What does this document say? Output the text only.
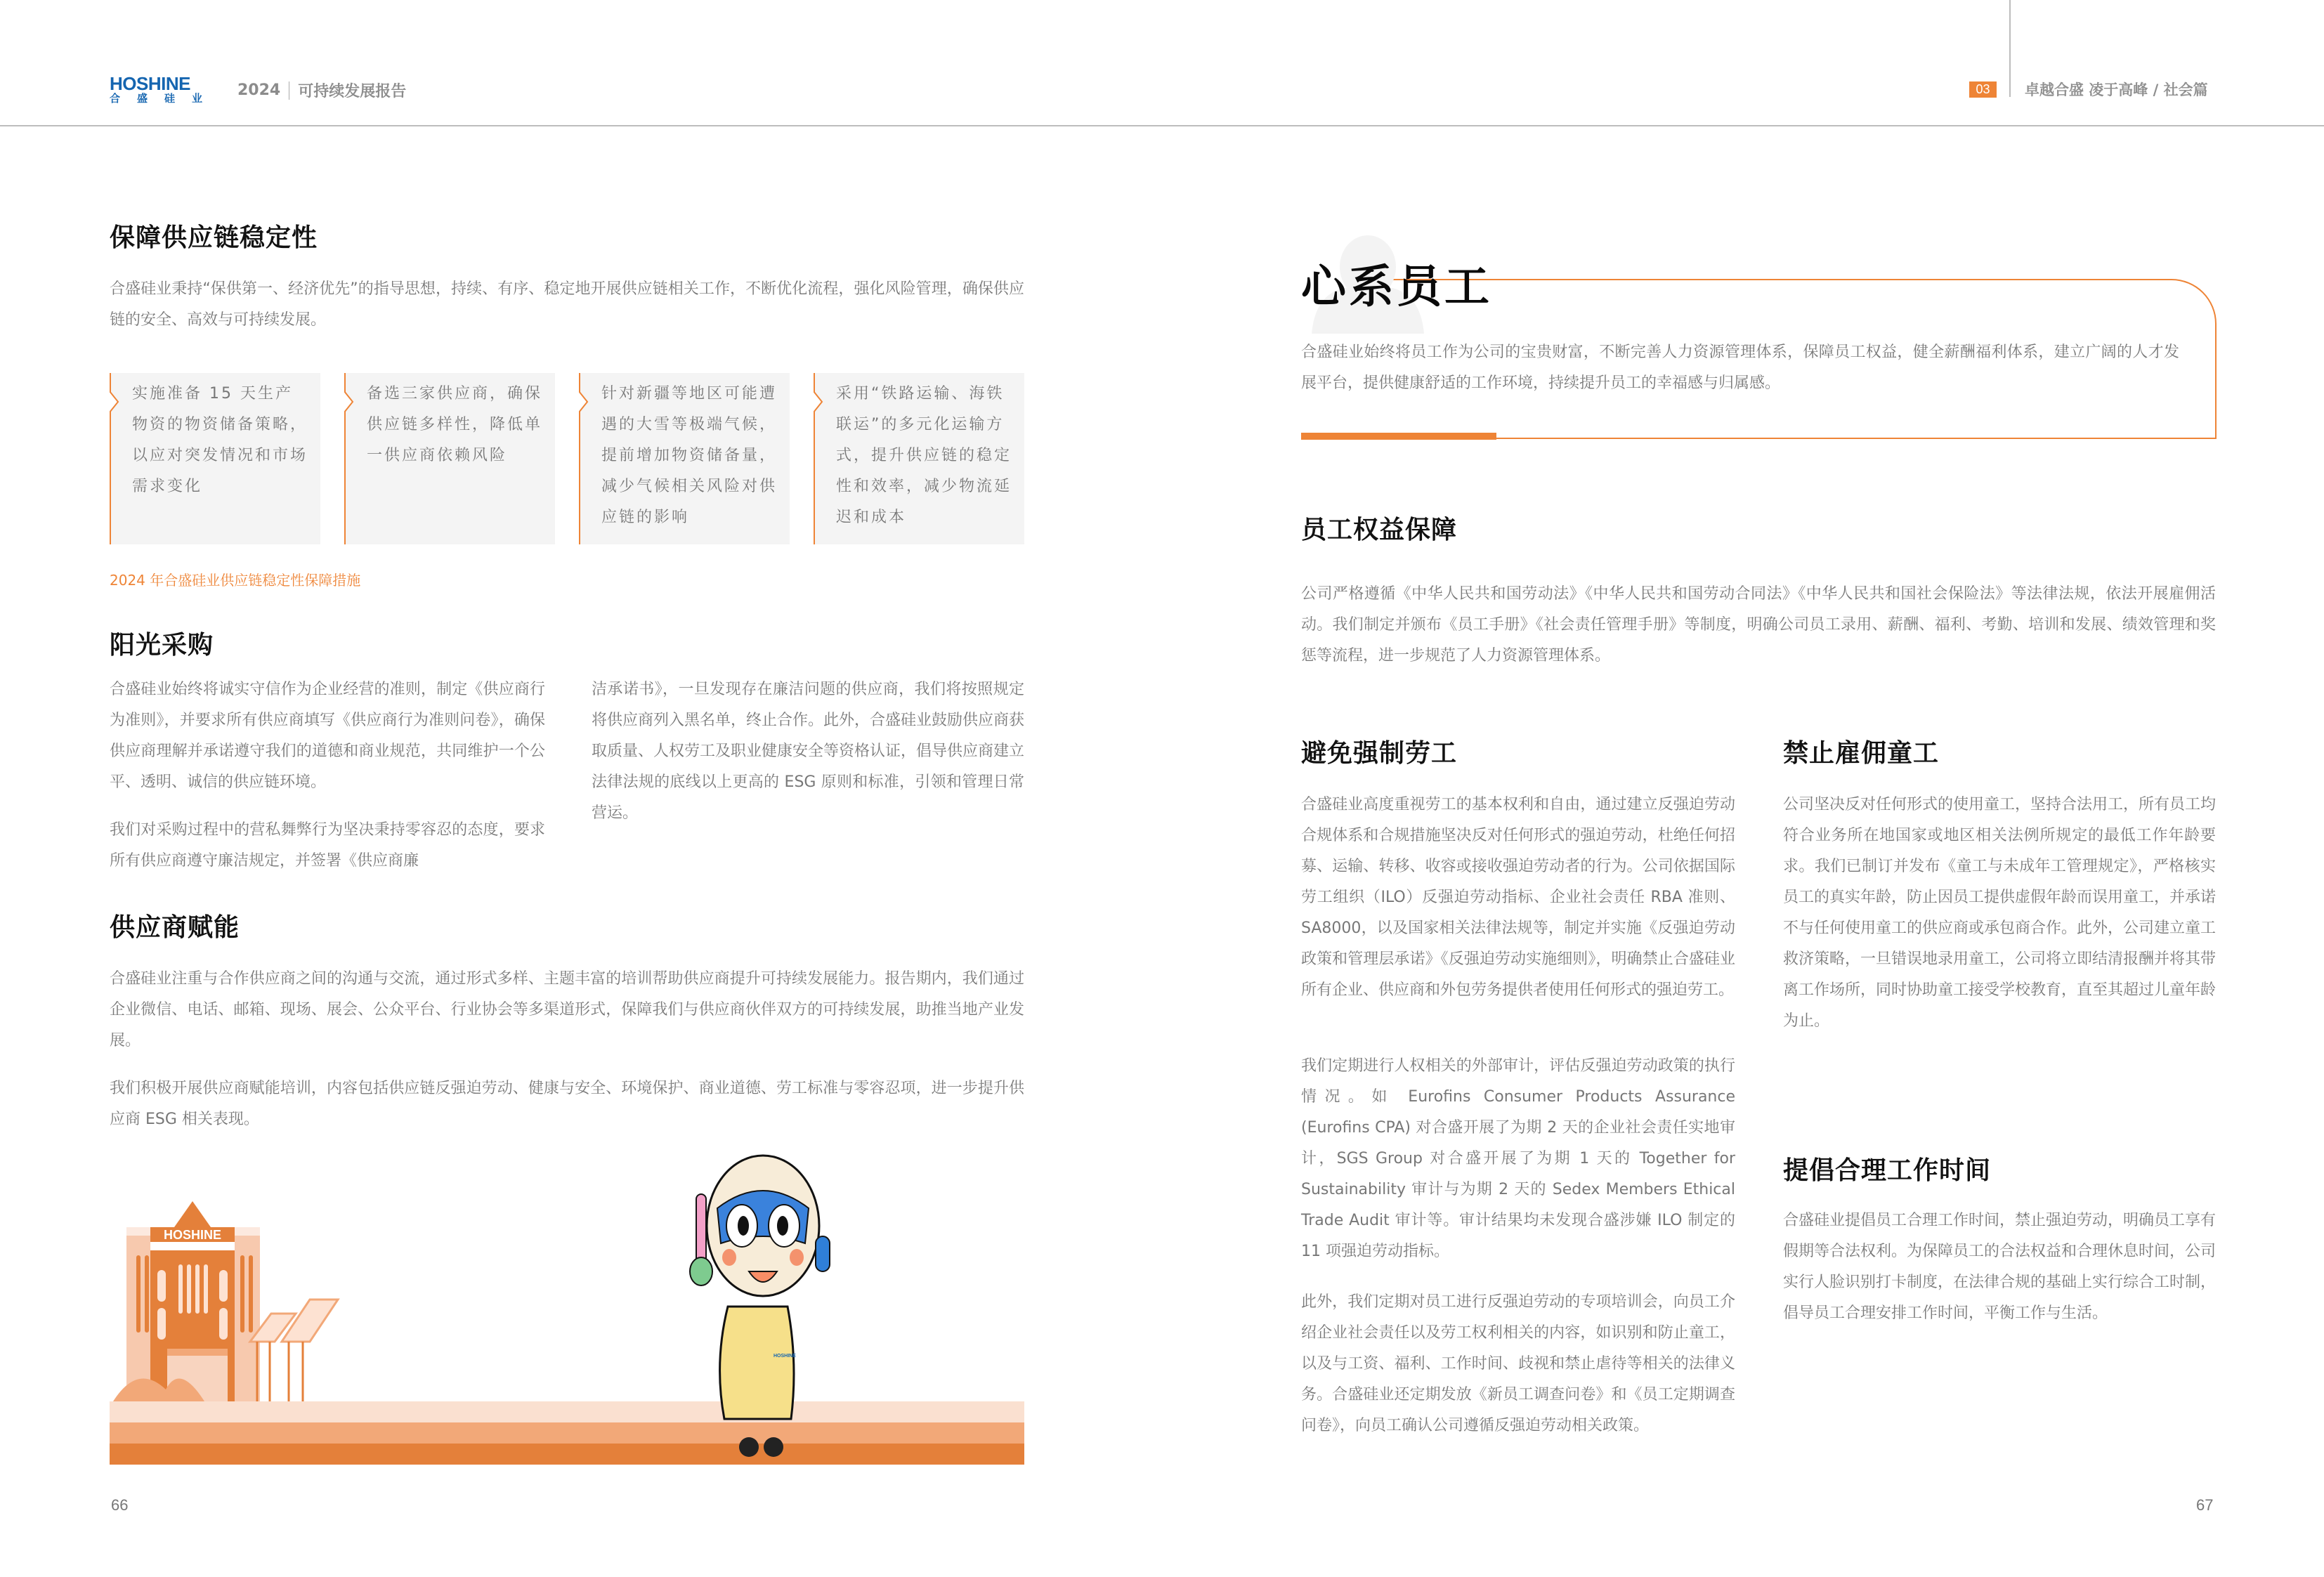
HOSHINE
合 盛 硅 业 2024 可持续发展报告	03	卓越合盛 凌于高峰 / 社会篇
保障供应链稳定性
合盛硅业秉持“保供第一、经济优先”的指导思想，持续、有序、稳定地开展供应链相关工作，不断优化流程，强化风险管理，确保供应链的安全、高效与可持续发展。
实施准备 15 天生产物资的物资储备策略，以应对突发情况和市场需求变化
备选三家供应商，确保供应链多样性，降低单一供应商依赖风险
针对新疆等地区可能遭遇的大雪等极端气候，提前增加物资储备量，减少气候相关风险对供应链的影响
采用“铁路运输、海铁联运”的多元化运输方式，提升供应链的稳定性和效率，减少物流延迟和成本
2024 年合盛硅业供应链稳定性保障措施
阳光采购
合盛硅业始终将诚实守信作为企业经营的准则，制定《供应商行为准则》，并要求所有供应商填写《供应商行为准则问卷》，确保供应商理解并承诺遵守我们的道德和商业规范，共同维护一个公平、透明、诚信的供应链环境。
我们对采购过程中的营私舞弊行为坚决秉持零容忍的态度，要求所有供应商遵守廉洁规定，并签署《供应商廉
洁承诺书》，一旦发现存在廉洁问题的供应商，我们将按照规定将供应商列入黑名单，终止合作。此外，合盛硅业鼓励供应商获取质量、人权劳工及职业健康安全等资格认证，倡导供应商建立法律法规的底线以上更高的 ESG 原则和标准，引领和管理日常营运。
供应商赋能
合盛硅业注重与合作供应商之间的沟通与交流，通过形式多样、主题丰富的培训帮助供应商提升可持续发展能力。报告期内，我们通过企业微信、电话、邮箱、现场、展会、公众平台、行业协会等多渠道形式，保障我们与供应商伙伴双方的可持续发展，助推当地产业发展。
我们积极开展供应商赋能培训，内容包括供应链反强迫劳动、健康与安全、环境保护、商业道德、劳工标准与零容忍项，进一步提升供应商 ESG 相关表现。
HOSHINE
HOSHINE
66
心系员工
合盛硅业始终将员工作为公司的宝贵财富，不断完善人力资源管理体系，保障员工权益，健全薪酬福利体系，建立广阔的人才发展平台，提供健康舒适的工作环境，持续提升员工的幸福感与归属感。
员工权益保障
公司严格遵循《中华人民共和国劳动法》《中华人民共和国劳动合同法》《中华人民共和国社会保险法》等法律法规，依法开展雇佣活动。我们制定并颁布《员工手册》《社会责任管理手册》等制度，明确公司员工录用、薪酬、福利、考勤、培训和发展、绩效管理和奖惩等流程，进一步规范了人力资源管理体系。
避免强制劳工
合盛硅业高度重视劳工的基本权利和自由，通过建立反强迫劳动合规体系和合规措施坚决反对任何形式的强迫劳动，杜绝任何招募、运输、转移、收容或接收强迫劳动者的行为。公司依据国际劳工组织（ILO）反强迫劳动指标、企业社会责任 RBA 准则、SA8000，以及国家相关法律法规等，制定并实施《反强迫劳动政策和管理层承诺》《反强迫劳动实施细则》，明确禁止合盛硅业所有企业、供应商和外包劳务提供者使用任何形式的强迫劳工。
我们定期进行人权相关的外部审计，评估反强迫劳动政策的执行情况。如 Eurofins Consumer Products Assurance (Eurofins CPA) 对合盛开展了为期 2 天的企业社会责任实地审计，SGS Group 对合盛开展了为期 1 天的 Together for Sustainability 审计与为期 2 天的 Sedex Members Ethical Trade Audit 审计等。审计结果均未发现合盛涉嫌 ILO 制定的 11 项强迫劳动指标。
此外，我们定期对员工进行反强迫劳动的专项培训会，向员工介绍企业社会责任以及劳工权利相关的内容，如识别和防止童工，以及与工资、福利、工作时间、歧视和禁止虐待等相关的法律义务。合盛硅业还定期发放《新员工调查问卷》和《员工定期调查问卷》，向员工确认公司遵循反强迫劳动相关政策。
禁止雇佣童工
公司坚决反对任何形式的使用童工，坚持合法用工，所有员工均符合业务所在地国家或地区相关法例所规定的最低工作年龄要求。我们已制订并发布《童工与未成年工管理规定》，严格核实员工的真实年龄，防止因员工提供虚假年龄而误用童工，并承诺不与任何使用童工的供应商或承包商合作。此外，公司建立童工救济策略，一旦错误地录用童工，公司将立即结清报酬并将其带离工作场所，同时协助童工接受学校教育，直至其超过儿童年龄为止。
提倡合理工作时间
合盛硅业提倡员工合理工作时间，禁止强迫劳动，明确员工享有假期等合法权利。为保障员工的合法权益和合理休息时间，公司实行人脸识别打卡制度，在法律合规的基础上实行综合工时制，倡导员工合理安排工作时间，平衡工作与生活。
67
